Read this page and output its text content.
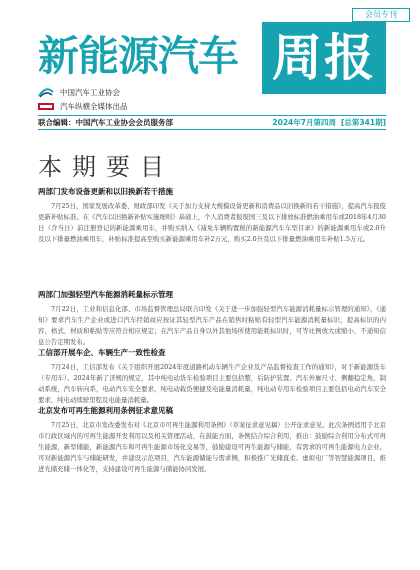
会员专刊
新能源汽车 周报
中国汽车工业协会
汽车纵横全媒体出品
联合编辑：中国汽车工业协会会员服务部	2024年7月第四周 [总第341期]
本期要目
两部门发布设备更新和以旧换新若干措施

7月25日，国家发展改革委、财政部印发《关于加力支持大规模设备更新和消费品以旧换新的若干措施》，提高汽车报废更新补贴标准。在《汽车以旧换新补贴实施细则》基础上，个人消费者报废国三及以下排放标准燃油乘用车或2018年4月30日（含当日）前注册登记的新能源乘用车，并购买纳入《减免车辆购置税的新能源汽车车型目录》的新能源乘用车或2.0升及以下排量燃油乘用车，补贴标准提高至购买新能源乘用车补2万元，购买2.0升及以下排量燃油乘用车补贴1.5万元。

两部门加强轻型汽车能源消耗量标示管理

7月22日，工业和信息化部、市场监督管理总局联合印发《关于进一步加强轻型汽车能源消耗量标示管理的通知》，《通知》要求汽车生产企业或进口汽车经销商应按证其轻型汽车产品在销售时粘贴有轻型汽车能源消耗量标识，提高标识的内容、格式、材质和粘贴等应符合相应规定；在汽车产品自身以外其他场所使用能耗标识时，可等比例放大或缩小，不通知信息公告定期发布。

工信部开展车企、车辆生产一致性检查

7月24日，工信部发布《关于组织开展2024年度道路机动车辆生产企业及产品监督检查工作的通知》，对于新能源货车（专用车）、2024年新了济规的规定，其中纯电动货车检验项目主要包括整，后防护装置、汽车外廓尺寸、侧翻稳定角，制动系统，汽车转向系，电动汽车安全要求，纯电动载货便捷及电能量消耗量，纯电动专用车检验项目主要包括电动汽车安全要求，纯电动续驶里程及电能量消耗量。

北京发布可再生能源利用条例征求意见稿

7月25日，北京市发改委发布对《北京市可再生能源利用条例》（草案征求意见稿）公开征求意见。此次条例适用于北京市行政区域内的可再生能源开发利用以及相关管理活动，在鼓能方面，条例结合综合利用，推出：鼓励综合利用分布式可再生能源，新型储能，新能源汽车和可再生能源市场化交易等，鼓励建设可再生能源与储能，有需求的可再生能源电力企业，可对新能源汽车与储能研发，并建设示范项目，汽车能源储能与需求侧，积极推广光储直柔、虚拟电厂等智慧能源项目，推进光储充储一体化等，支持建设可再生能源与储能协同发展。
